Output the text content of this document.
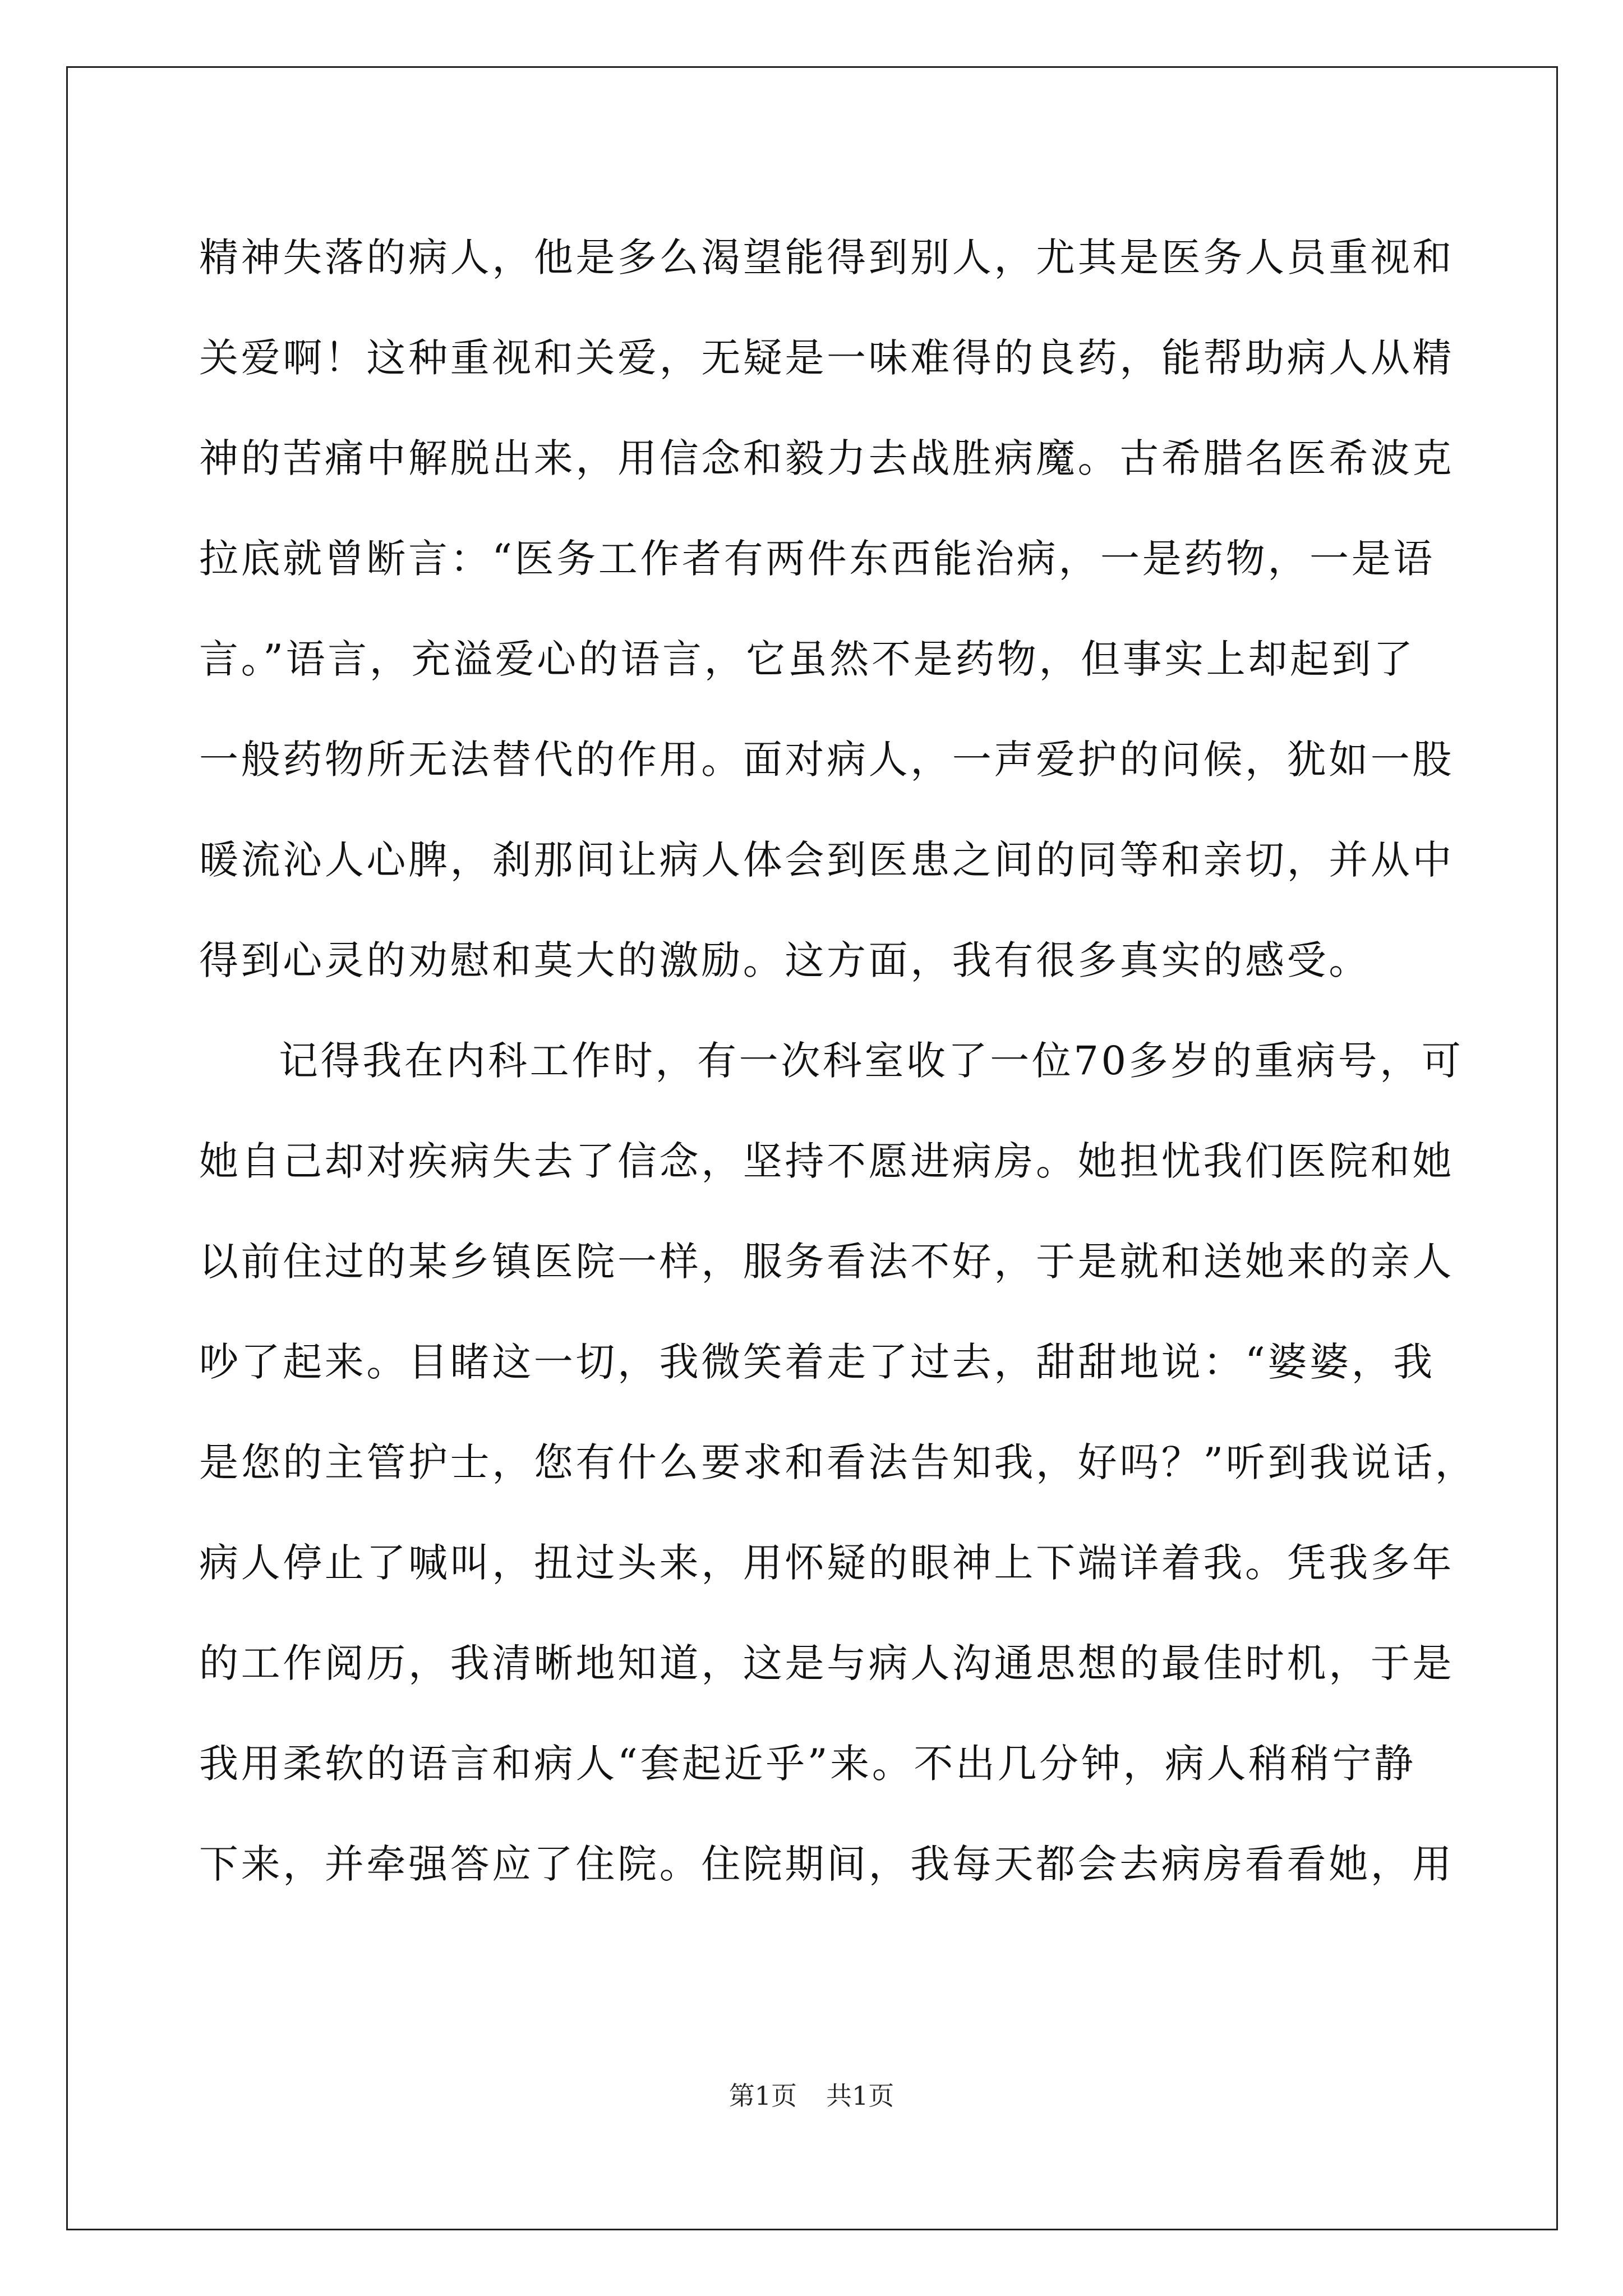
精神失落的病人，他是多么渴望能得到别人，尤其是医务人员重视和
关爱啊！这种重视和关爱，无疑是一味难得的良药，能帮助病人从精
神的苦痛中解脱出来，用信念和毅力去战胜病魔。古希腊名医希波克
拉底就曾断言：“医务工作者有两件东西能治病，一是药物，一是语
言。”语言，充溢爱心的语言，它虽然不是药物，但事实上却起到了
一般药物所无法替代的作用。面对病人，一声爱护的问候，犹如一股
暖流沁人心脾，刹那间让病人体会到医患之间的同等和亲切，并从中
得到心灵的劝慰和莫大的激励。这方面，我有很多真实的感受。
记得我在内科工作时，有一次科室收了一位70多岁的重病号，可
她自己却对疾病失去了信念，坚持不愿进病房。她担忧我们医院和她
以前住过的某乡镇医院一样，服务看法不好，于是就和送她来的亲人
吵了起来。目睹这一切，我微笑着走了过去，甜甜地说：“婆婆，我
是您的主管护士，您有什么要求和看法告知我，好吗？”听到我说话，
病人停止了喊叫，扭过头来，用怀疑的眼神上下端详着我。凭我多年
的工作阅历，我清晰地知道，这是与病人沟通思想的最佳时机，于是
我用柔软的语言和病人“套起近乎”来。不出几分钟，病人稍稍宁静
下来，并牵强答应了住院。住院期间，我每天都会去病房看看她，用
第1页 共1页
